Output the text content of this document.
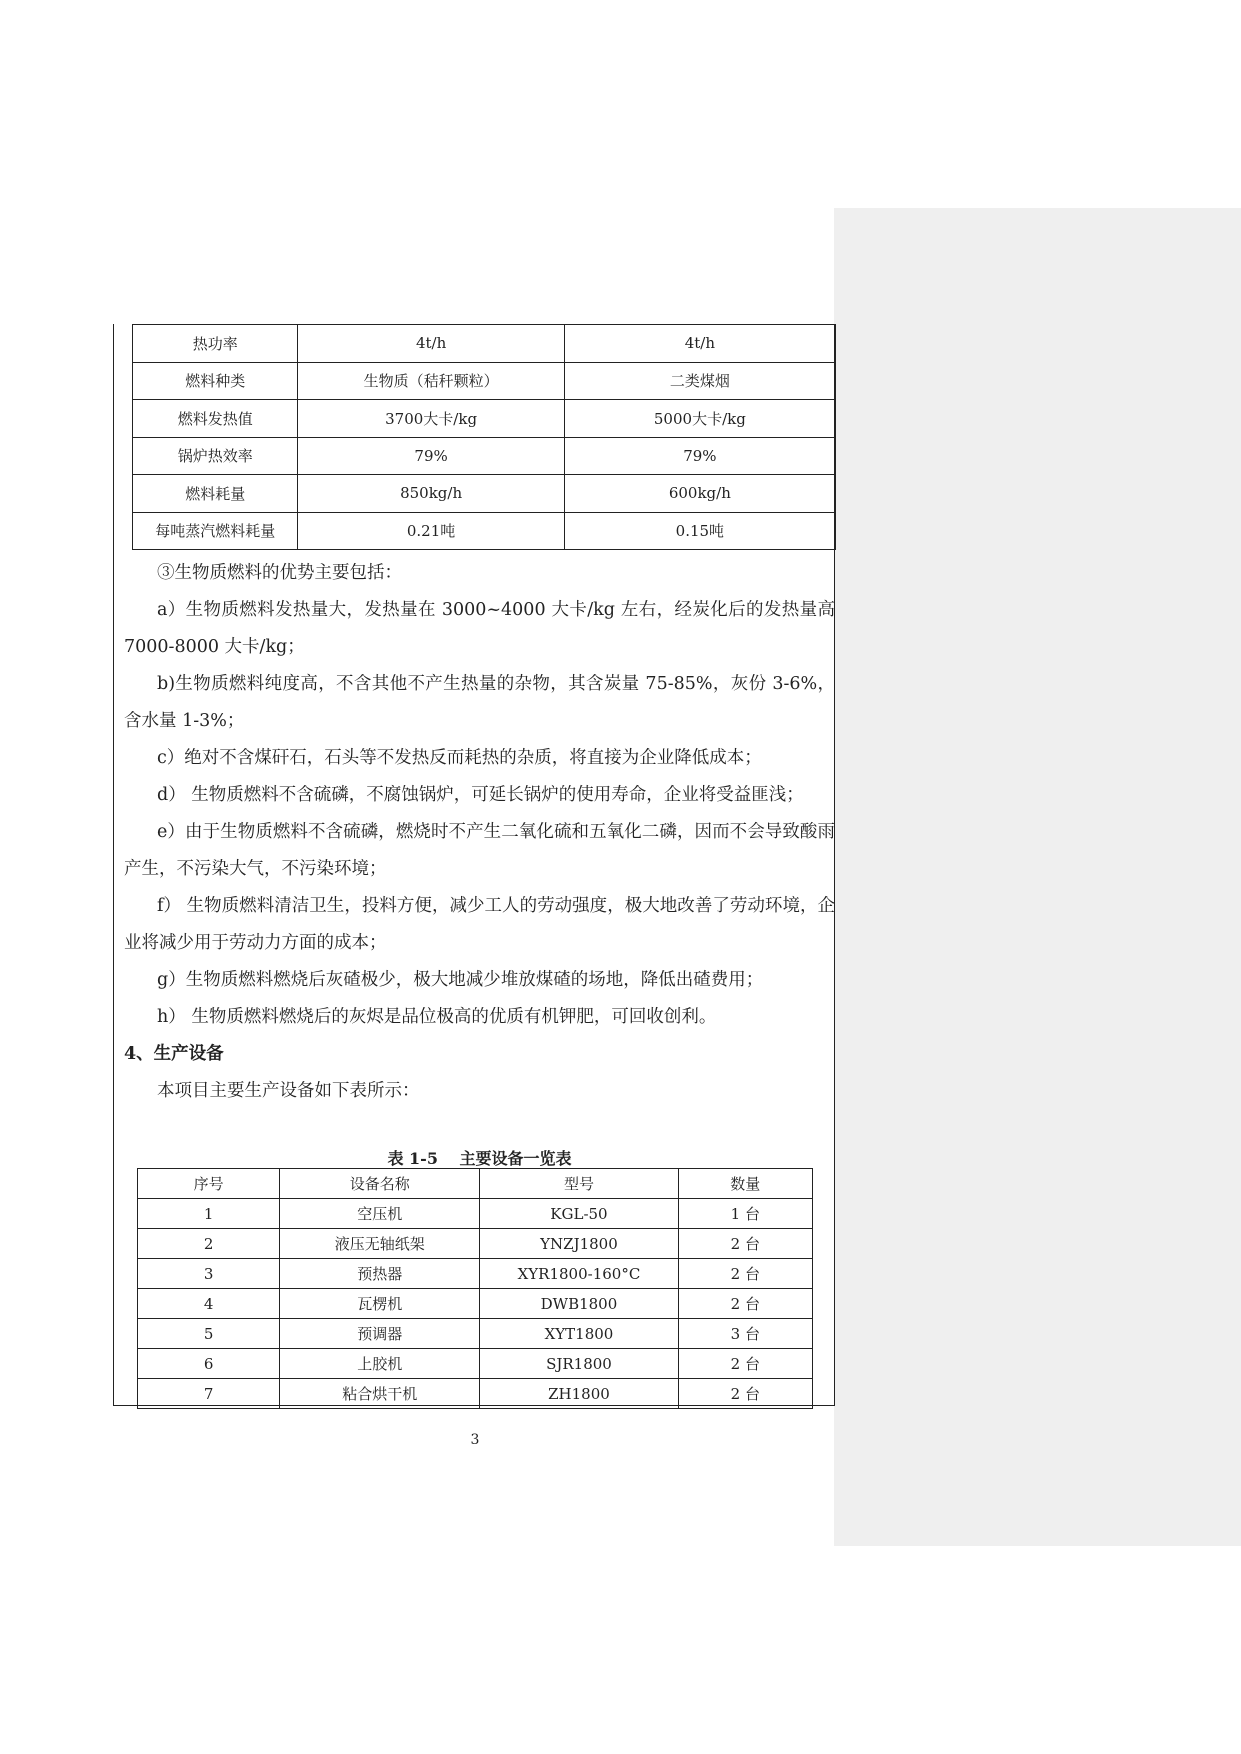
热功率	4t/h	4t/h
燃料种类	生物质（秸秆颗粒）	二类煤烟
燃料发热值	3700大卡/kg	5000大卡/kg
锅炉热效率	79%	79%
燃料耗量	850kg/h	600kg/h
每吨蒸汽燃料耗量	0.21吨	0.15吨

③生物质燃料的优势主要包括：

a）生物质燃料发热量大，发热量在 3000~4000 大卡/kg 左右，经炭化后的发热量高 7000-8000 大卡/kg；

b)生物质燃料纯度高，不含其他不产生热量的杂物，其含炭量 75-85%，灰份 3-6%，含水量 1-3%；

c）绝对不含煤矸石，石头等不发热反而耗热的杂质，将直接为企业降低成本；

d） 生物质燃料不含硫磷，不腐蚀锅炉，可延长锅炉的使用寿命，企业将受益匪浅；

e）由于生物质燃料不含硫磷，燃烧时不产生二氧化硫和五氧化二磷，因而不会导致酸雨产生，不污染大气，不污染环境；

f） 生物质燃料清洁卫生，投料方便，减少工人的劳动强度，极大地改善了劳动环境，企业将减少用于劳动力方面的成本；

g）生物质燃料燃烧后灰碴极少，极大地减少堆放煤碴的场地，降低出碴费用；

h） 生物质燃料燃烧后的灰烬是品位极高的优质有机钾肥，可回收创利。

4、生产设备

本项目主要生产设备如下表所示：

表 1-5　 主要设备一览表
序号	设备名称	型号	数量
1	空压机	KGL-50	1 台
2	液压无轴纸架	YNZJ1800	2 台
3	预热器	XYR1800-160°C	2 台
4	瓦楞机	DWB1800	2 台
5	预调器	XYT1800	3 台
6	上胶机	SJR1800	2 台
7	粘合烘干机	ZH1800	2 台
3
